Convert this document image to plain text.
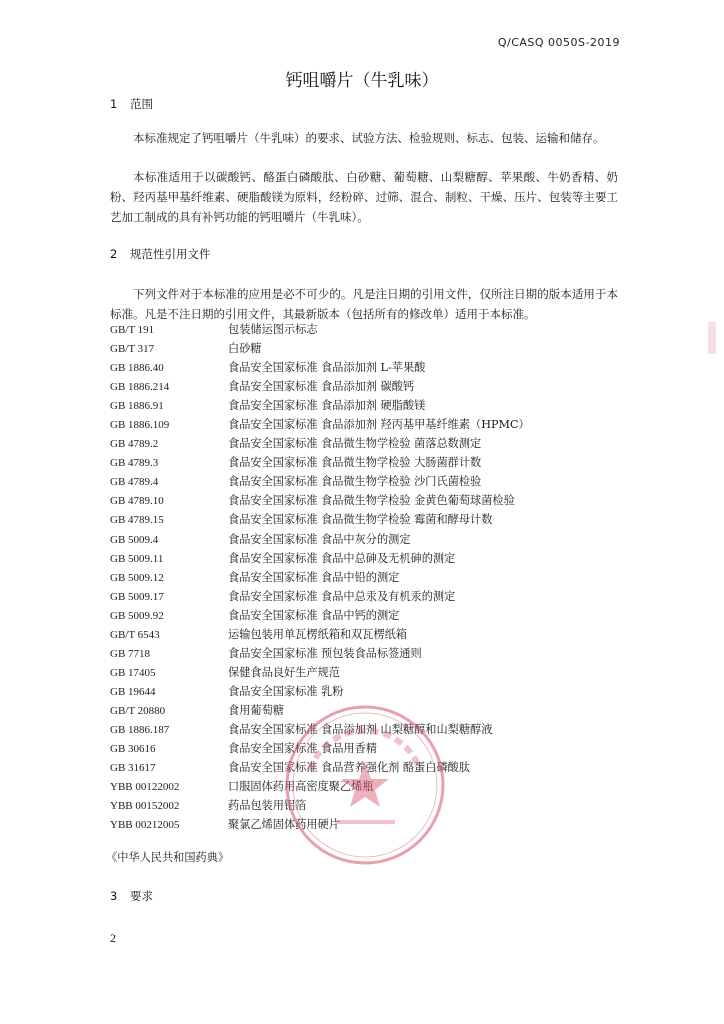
Q/CASQ 0050S-2019
钙咀嚼片（牛乳味）
1 范围

本标准规定了钙咀嚼片（牛乳味）的要求、试验方法、检验规则、标志、包装、运输和储存。

本标准适用于以碳酸钙、酪蛋白磷酸肽、白砂糖、葡萄糖、山梨糖醇、苹果酸、牛奶香精、奶粉、羟丙基甲基纤维素、硬脂酸镁为原料，经粉碎、过筛、混合、制粒、干燥、压片、包装等主要工艺加工制成的具有补钙功能的钙咀嚼片（牛乳味）。

2 规范性引用文件

下列文件对于本标准的应用是必不可少的。凡是注日期的引用文件，仅所注日期的版本适用于本标准。凡是不注日期的引用文件，其最新版本（包括所有的修改单）适用于本标准。

GB/T 191	包装储运图示标志
GB/T 317	白砂糖
GB 1886.40	食品安全国家标准 食品添加剂 L-苹果酸
GB 1886.214	食品安全国家标准 食品添加剂 碳酸钙
GB 1886.91	食品安全国家标准 食品添加剂 硬脂酸镁
GB 1886.109	食品安全国家标准 食品添加剂 羟丙基甲基纤维素（HPMC）
GB 4789.2	食品安全国家标准 食品微生物学检验 菌落总数测定
GB 4789.3	食品安全国家标准 食品微生物学检验 大肠菌群计数
GB 4789.4	食品安全国家标准 食品微生物学检验 沙门氏菌检验
GB 4789.10	食品安全国家标准 食品微生物学检验 金黄色葡萄球菌检验
GB 4789.15	食品安全国家标准 食品微生物学检验 霉菌和酵母计数
GB 5009.4	食品安全国家标准 食品中灰分的测定
GB 5009.11	食品安全国家标准 食品中总砷及无机砷的测定
GB 5009.12	食品安全国家标准 食品中铅的测定
GB 5009.17	食品安全国家标准 食品中总汞及有机汞的测定
GB 5009.92	食品安全国家标准 食品中钙的测定
GB/T 6543	运输包装用单瓦楞纸箱和双瓦楞纸箱
GB 7718	食品安全国家标准 预包装食品标签通则
GB 17405	保健食品良好生产规范
GB 19644	食品安全国家标准 乳粉
GB/T 20880	食用葡萄糖
GB 1886.187	食品安全国家标准 食品添加剂 山梨糖醇和山梨糖醇液
GB 30616	食品安全国家标准 食品用香精
GB 31617	食品安全国家标准 食品营养强化剂 酪蛋白磷酸肽
YBB 00122002	口服固体药用高密度聚乙烯瓶
YBB 00152002	药品包装用铝箔
YBB 00212005	聚氯乙烯固体药用硬片
《中华人民共和国药典》
3 要求
2
